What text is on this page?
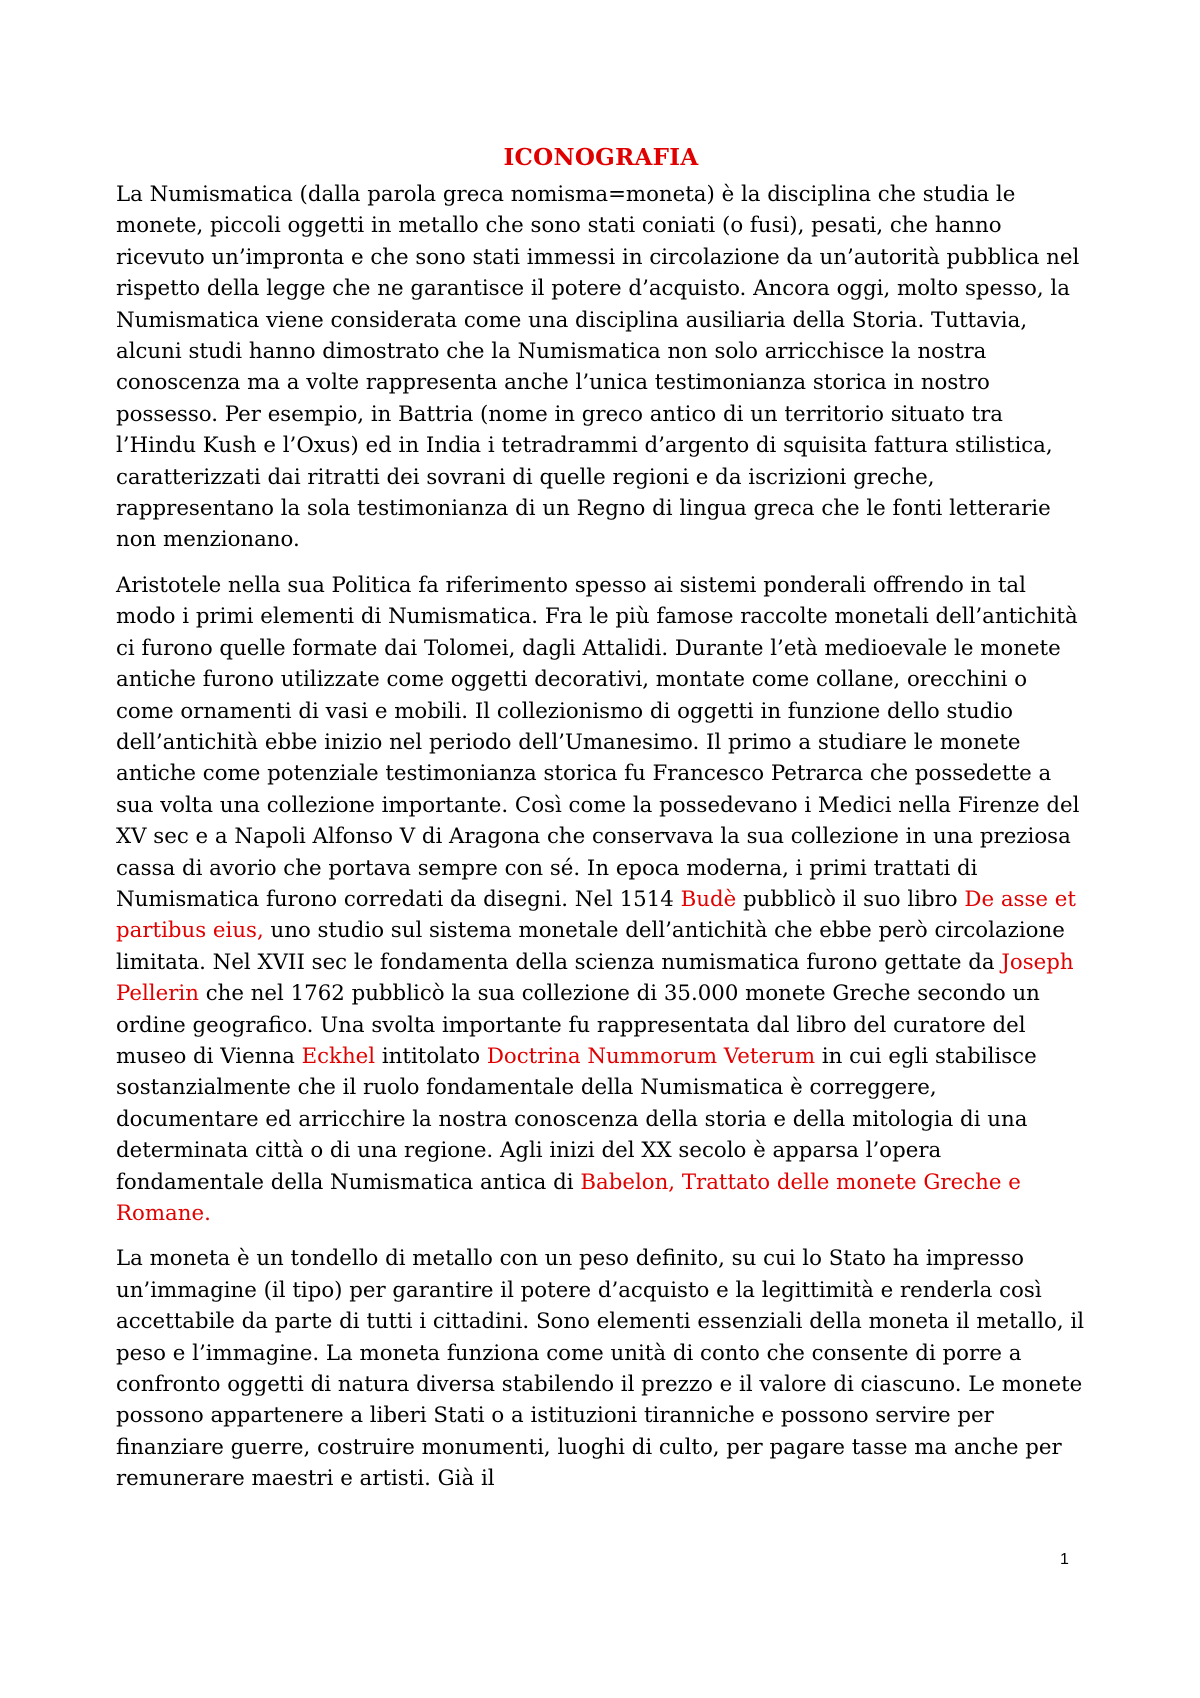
ICONOGRAFIA

La Numismatica (dalla parola greca nomisma=moneta) è la disciplina che studia le monete, piccoli oggetti in metallo che sono stati coniati (o fusi), pesati, che hanno ricevuto un’impronta e che sono stati immessi in circolazione da un’autorità pubblica nel rispetto della legge che ne garantisce il potere d’acquisto. Ancora oggi, molto spesso, la Numismatica viene considerata come una disciplina ausiliaria della Storia. Tuttavia, alcuni studi hanno dimostrato che la Numismatica non solo arricchisce la nostra conoscenza ma a volte rappresenta anche l’unica testimonianza storica in nostro possesso. Per esempio, in Battria (nome in greco antico di un territorio situato tra l’Hindu Kush e l’Oxus) ed in India i tetradrammi d’argento di squisita fattura stilistica, caratterizzati dai ritratti dei sovrani di quelle regioni e da iscrizioni greche, rappresentano la sola testimonianza di un Regno di lingua greca che le fonti letterarie non menzionano.

Aristotele nella sua Politica fa riferimento spesso ai sistemi ponderali offrendo in tal modo i primi elementi di Numismatica. Fra le più famose raccolte monetali dell’antichità ci furono quelle formate dai Tolomei, dagli Attalidi. Durante l’età medioevale le monete antiche furono utilizzate come oggetti decorativi, montate come collane, orecchini o come ornamenti di vasi e mobili. Il collezionismo di oggetti in funzione dello studio dell’antichità ebbe inizio nel periodo dell’Umanesimo. Il primo a studiare le monete antiche come potenziale testimonianza storica fu Francesco Petrarca che possedette a sua volta una collezione importante. Così come la possedevano i Medici nella Firenze del XV sec e a Napoli Alfonso V di Aragona che conservava la sua collezione in una preziosa cassa di avorio che portava sempre con sé. In epoca moderna, i primi trattati di Numismatica furono corredati da disegni. Nel 1514 Budè pubblicò il suo libro De asse et partibus eius, uno studio sul sistema monetale dell’antichità che ebbe però circolazione limitata. Nel XVII sec le fondamenta della scienza numismatica furono gettate da Joseph Pellerin che nel 1762 pubblicò la sua collezione di 35.000 monete Greche secondo un ordine geografico. Una svolta importante fu rappresentata dal libro del curatore del museo di Vienna Eckhel intitolato Doctrina Nummorum Veterum in cui egli stabilisce sostanzialmente che il ruolo fondamentale della Numismatica è correggere, documentare ed arricchire la nostra conoscenza della storia e della mitologia di una determinata città o di una regione. Agli inizi del XX secolo è apparsa l’opera fondamentale della Numismatica antica di Babelon, Trattato delle monete Greche e Romane.

La moneta è un tondello di metallo con un peso definito, su cui lo Stato ha impresso un’immagine (il tipo) per garantire il potere d’acquisto e la legittimità e renderla così accettabile da parte di tutti i cittadini. Sono elementi essenziali della moneta il metallo, il peso e l’immagine. La moneta funziona come unità di conto che consente di porre a confronto oggetti di natura diversa stabilendo il prezzo e il valore di ciascuno. Le monete possono appartenere a liberi Stati o a istituzioni tiranniche e possono servire per finanziare guerre, costruire monumenti, luoghi di culto, per pagare tasse ma anche per remunerare maestri e artisti. Già il

1
